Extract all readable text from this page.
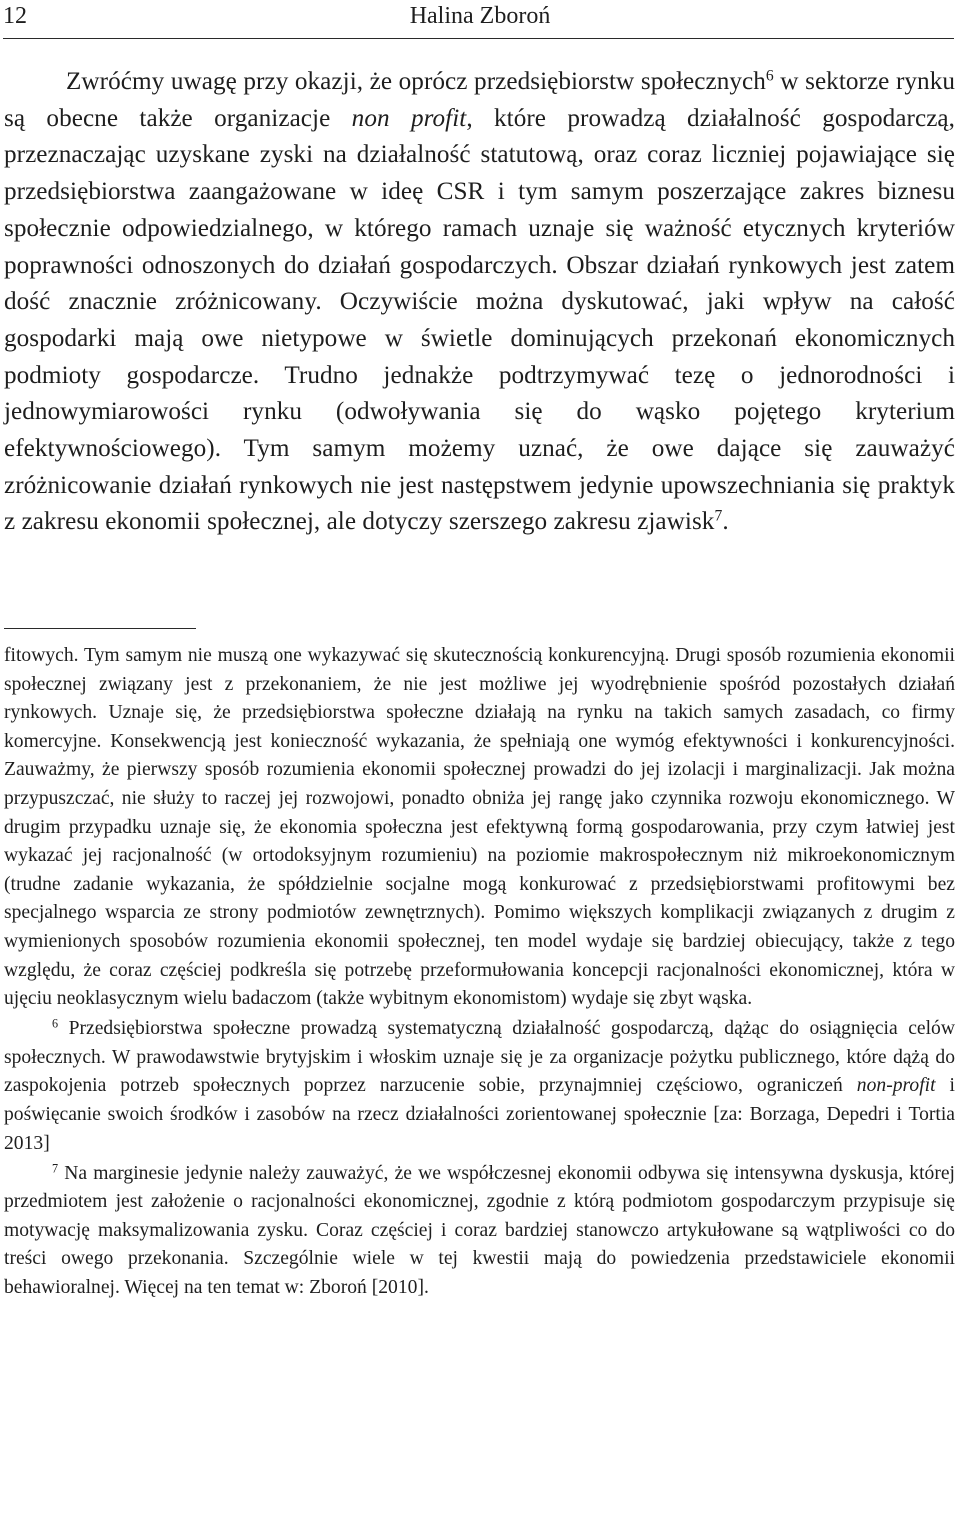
12	Halina Zboroń

Zwróćmy uwagę przy okazji, że oprócz przedsiębiorstw społecznych$^6$ w sektorze rynku są obecne także organizacje non profit, które prowadzą działalność gospodarczą, przeznaczając uzyskane zyski na działalność statutową, oraz coraz liczniej pojawiające się przedsiębiorstwa zaangażowane w ideę CSR i tym samym poszerzające zakres biznesu społecznie odpowiedzialnego, w którego ramach uznaje się ważność etycznych kryteriów poprawności odnoszonych do działań gospodarczych. Obszar działań rynkowych jest zatem dość znacznie zróżnicowany. Oczywiście można dyskutować, jaki wpływ na całość gospodarki mają owe nietypowe w świetle dominujących przekonań ekonomicznych podmioty gospodarcze. Trudno jednakże podtrzymywać tezę o jednorodności i jednowymiarowości rynku (odwoływania się do wąsko pojętego kryterium efektywnościowego). Tym samym możemy uznać, że owe dające się zauważyć zróżnicowanie działań rynkowych nie jest następstwem jedynie upowszechniania się praktyk z zakresu ekonomii społecznej, ale dotyczy szerszego zakresu zjawisk$^7$.

fitowych. Tym samym nie muszą one wykazywać się skutecznością konkurencyjną. Drugi sposób rozumienia ekonomii społecznej związany jest z przekonaniem, że nie jest możliwe jej wyodrębnienie spośród pozostałych działań rynkowych. Uznaje się, że przedsiębiorstwa społeczne działają na rynku na takich samych zasadach, co firmy komercyjne. Konsekwencją jest konieczność wykazania, że spełniają one wymóg efektywności i konkurencyjności. Zauważmy, że pierwszy sposób rozumienia ekonomii społecznej prowadzi do jej izolacji i marginalizacji. Jak można przypuszczać, nie służy to raczej jej rozwojowi, ponadto obniża jej rangę jako czynnika rozwoju ekonomicznego. W drugim przypadku uznaje się, że ekonomia społeczna jest efektywną formą gospodarowania, przy czym łatwiej jest wykazać jej racjonalność (w ortodoksyjnym rozumieniu) na poziomie makrospołecznym niż mikroekonomicznym (trudne zadanie wykazania, że spółdzielnie socjalne mogą konkurować z przedsiębiorstwami profitowymi bez specjalnego wsparcia ze strony podmiotów zewnętrznych). Pomimo większych komplikacji związanych z drugim z wymienionych sposobów rozumienia ekonomii społecznej, ten model wydaje się bardziej obiecujący, także z tego względu, że coraz częściej podkreśla się potrzebę przeformułowania koncepcji racjonalności ekonomicznej, która w ujęciu neoklasycznym wielu badaczom (także wybitnym ekonomistom) wydaje się zbyt wąska.

$^6$ Przedsiębiorstwa społeczne prowadzą systematyczną działalność gospodarczą, dążąc do osiągnięcia celów społecznych. W prawodawstwie brytyjskim i włoskim uznaje się je za organizacje pożytku publicznego, które dążą do zaspokojenia potrzeb społecznych poprzez narzucenie sobie, przynajmniej częściowo, ograniczeń non-profit i poświęcanie swoich środków i zasobów na rzecz działalności zorientowanej społecznie [za: Borzaga, Depedri i Tortia 2013]

$^7$ Na marginesie jedynie należy zauważyć, że we współczesnej ekonomii odbywa się intensywna dyskusja, której przedmiotem jest założenie o racjonalności ekonomicznej, zgodnie z którą podmiotom gospodarczym przypisuje się motywację maksymalizowania zysku. Coraz częściej i coraz bardziej stanowczo artykułowane są wątpliwości co do treści owego przekonania. Szczególnie wiele w tej kwestii mają do powiedzenia przedstawiciele ekonomii behawioralnej. Więcej na ten temat w: Zboroń [2010].
